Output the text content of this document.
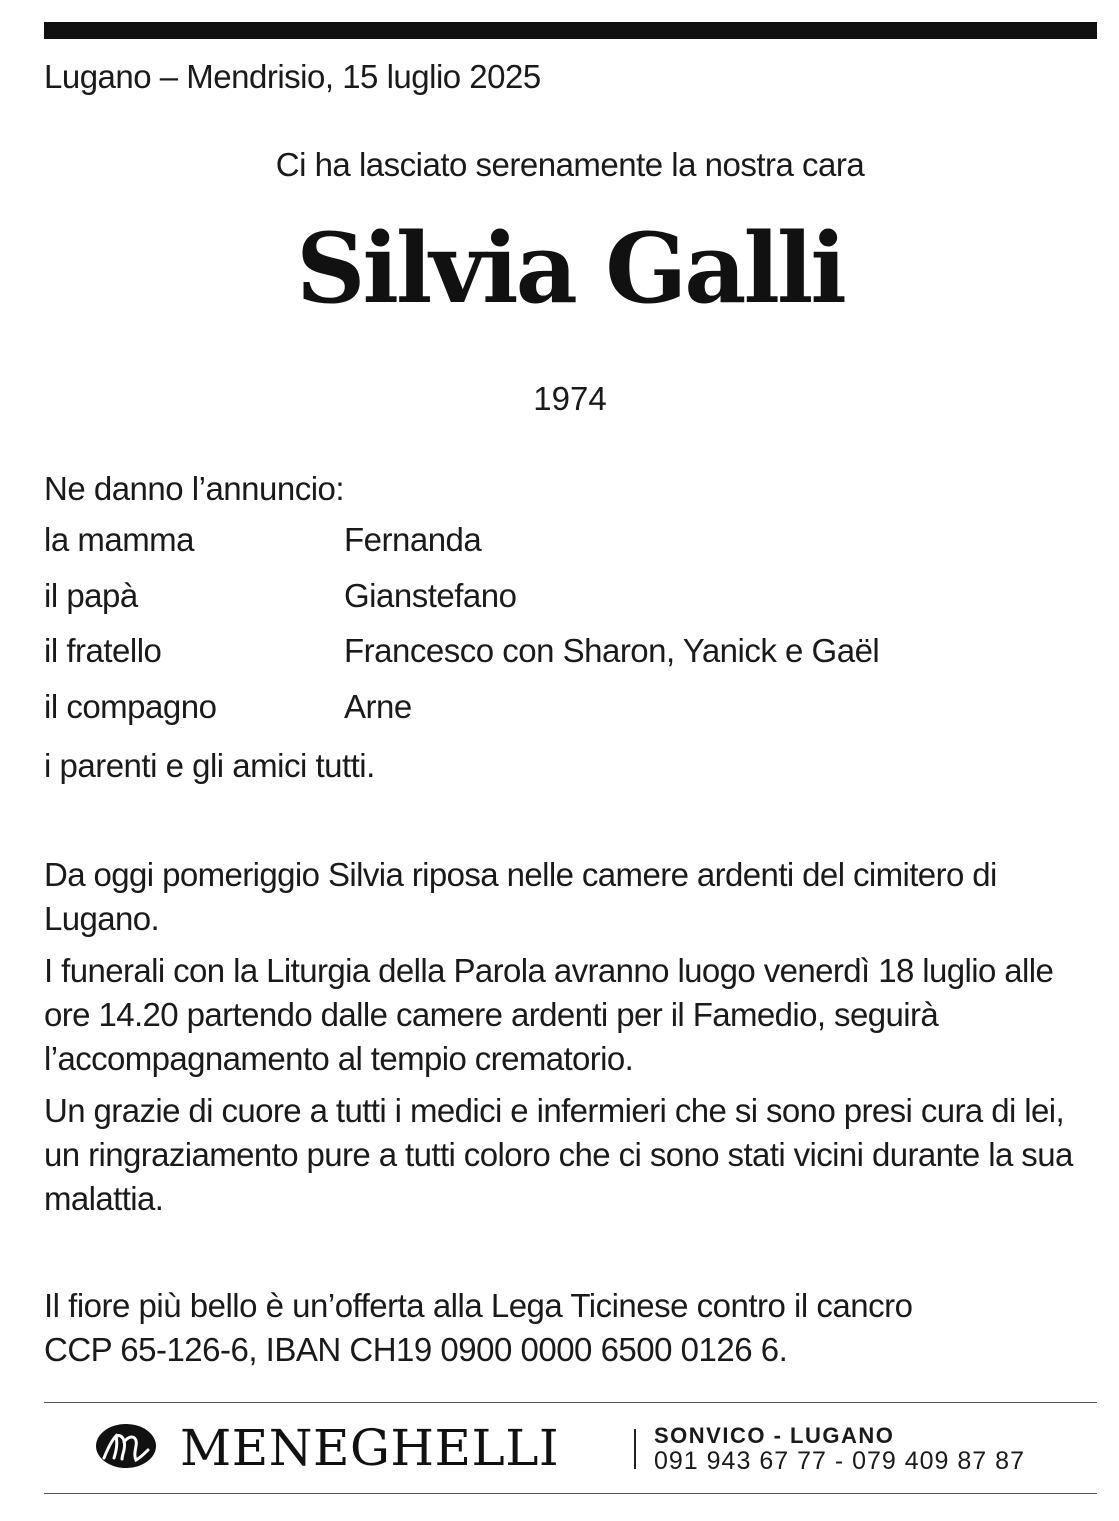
Lugano – Mendrisio, 15 luglio 2025
Ci ha lasciato serenamente la nostra cara
Silvia Galli
1974
Ne danno l’annuncio:
la mamma	Fernanda
il papà	Gianstefano
il fratello	Francesco con Sharon, Yanick e Gaël
il compagno	Arne
i parenti e gli amici tutti.

Da oggi pomeriggio Silvia riposa nelle camere ardenti del cimitero di Lugano.

I funerali con la Liturgia della Parola avranno luogo venerdì 18 luglio alle ore 14.20 partendo dalle camere ardenti per il Famedio, seguirà l’accompagnamento al tempio crematorio.

Un grazie di cuore a tutti i medici e infermieri che si sono presi cura di lei, un ringraziamento pure a tutti coloro che ci sono stati vicini durante la sua malattia.

Il fiore più bello è un’offerta alla Lega Ticinese contro il cancro
CCP 65-126-6, IBAN CH19 0900 0000 6500 0126 6.
MENEGHELLI	SONVICO - LUGANO
091 943 67 77 - 079 409 87 87
